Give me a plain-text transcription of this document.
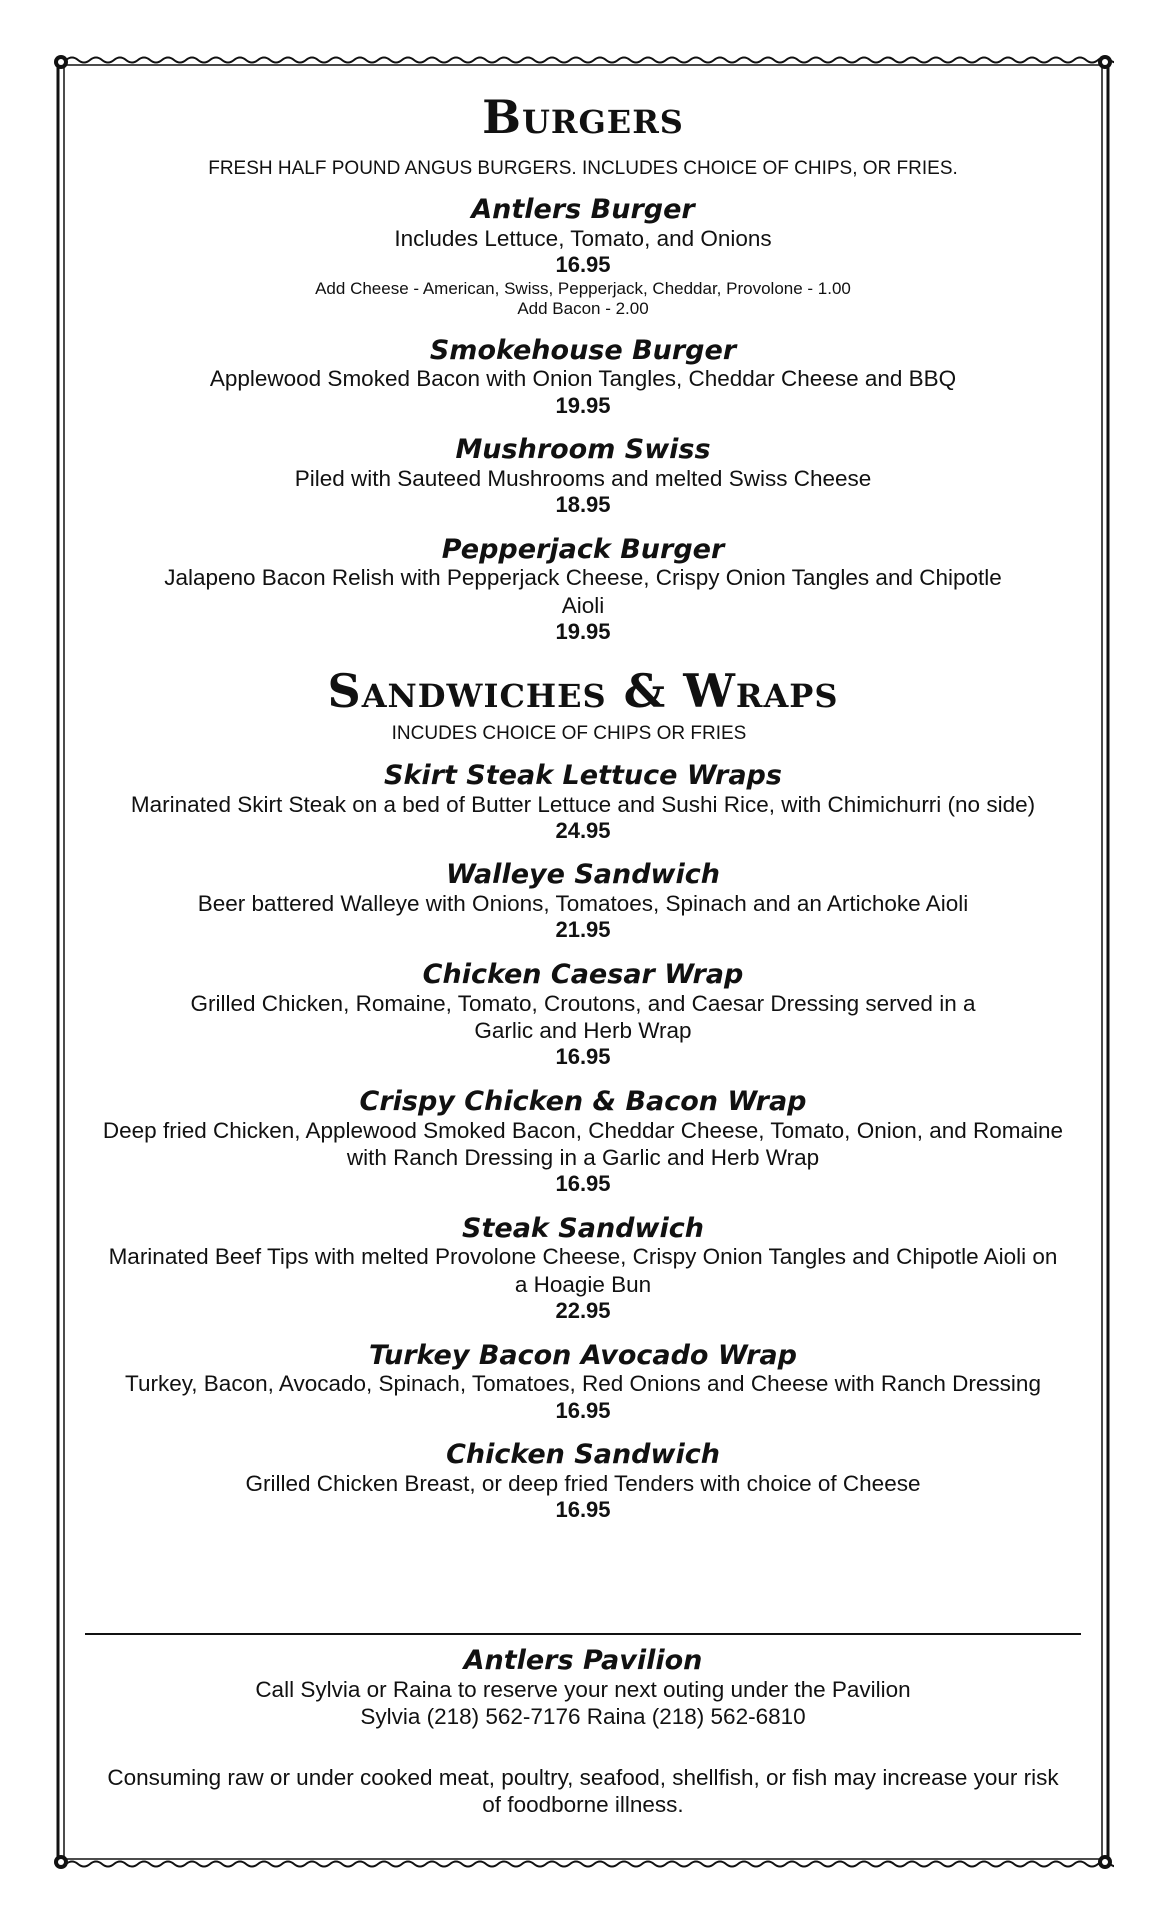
Burgers

FRESH HALF POUND ANGUS BURGERS. INCLUDES CHOICE OF CHIPS, OR FRIES.

Antlers Burger

Includes Lettuce, Tomato, and Onions

16.95

Add Cheese - American, Swiss, Pepperjack, Cheddar, Provolone - 1.00

Add Bacon - 2.00

Smokehouse Burger

Applewood Smoked Bacon with Onion Tangles, Cheddar Cheese and BBQ

19.95

Mushroom Swiss

Piled with Sauteed Mushrooms and melted Swiss Cheese

18.95

Pepperjack Burger

Jalapeno Bacon Relish with Pepperjack Cheese, Crispy Onion Tangles and Chipotle

Aioli

19.95

Sandwiches & Wraps

INCUDES CHOICE OF CHIPS OR FRIES

Skirt Steak Lettuce Wraps

Marinated Skirt Steak on a bed of Butter Lettuce and Sushi Rice, with Chimichurri (no side)

24.95

Walleye Sandwich

Beer battered Walleye with Onions, Tomatoes, Spinach and an Artichoke Aioli

21.95

Chicken Caesar Wrap

Grilled Chicken, Romaine, Tomato, Croutons, and Caesar Dressing served in a

Garlic and Herb Wrap

16.95

Crispy Chicken & Bacon Wrap

Deep fried Chicken, Applewood Smoked Bacon, Cheddar Cheese, Tomato, Onion, and Romaine

with Ranch Dressing in a Garlic and Herb Wrap

16.95

Steak Sandwich

Marinated Beef Tips with melted Provolone Cheese, Crispy Onion Tangles and Chipotle Aioli on

a Hoagie Bun

22.95

Turkey Bacon Avocado Wrap

Turkey, Bacon, Avocado, Spinach, Tomatoes, Red Onions and Cheese with Ranch Dressing

16.95

Chicken Sandwich

Grilled Chicken Breast, or deep fried Tenders with choice of Cheese

16.95

Antlers Pavilion

Call Sylvia or Raina to reserve your next outing under the Pavilion

Sylvia (218) 562-7176 Raina (218) 562-6810

Consuming raw or under cooked meat, poultry, seafood, shellfish, or fish may increase your risk

of foodborne illness.
